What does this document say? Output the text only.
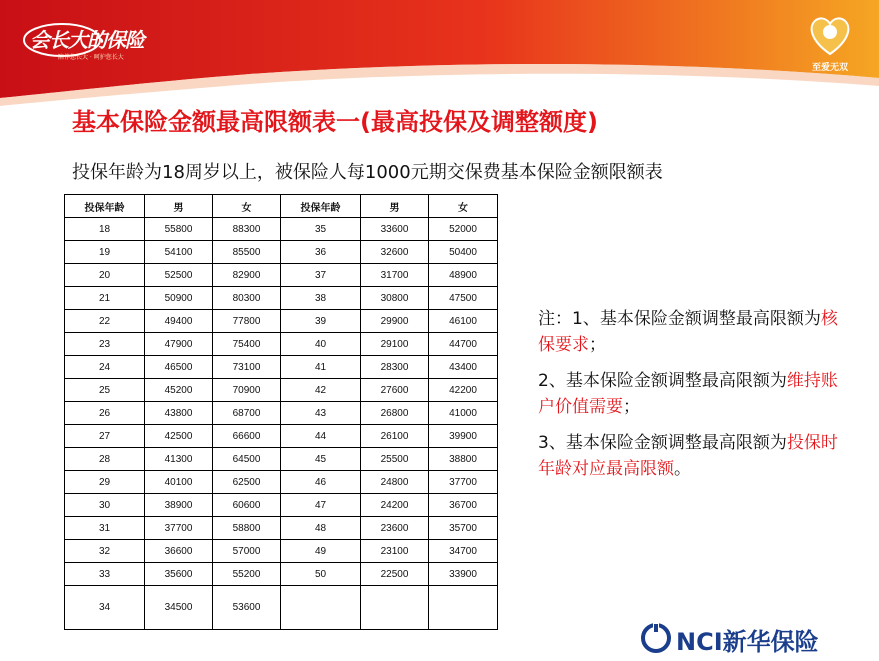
会长大的保险
陪伴您长大 · 呵护您长大
至爱无双
基本保险金额最高限额表一(最高投保及调整额度)
投保年龄为18周岁以上，被保险人每1000元期交保费基本保险金额限额表
投保年龄	男	女	投保年龄	男	女
18	55800	88300	35	33600	52000
19	54100	85500	36	32600	50400
20	52500	82900	37	31700	48900
21	50900	80300	38	30800	47500
22	49400	77800	39	29900	46100
23	47900	75400	40	29100	44700
24	46500	73100	41	28300	43400
25	45200	70900	42	27600	42200
26	43800	68700	43	26800	41000
27	42500	66600	44	26100	39900
28	41300	64500	45	25500	38800
29	40100	62500	46	24800	37700
30	38900	60600	47	24200	36700
31	37700	58800	48	23600	35700
32	36600	57000	49	23100	34700
33	35600	55200	50	22500	33900
34	34500	53600			

注：1、基本保险金额调整最高限额为核保要求；

2、基本保险金额调整最高限额为维持账户价值需要；

3、基本保险金额调整最高限额为投保时年龄对应最高限额。

NCI新华保险
